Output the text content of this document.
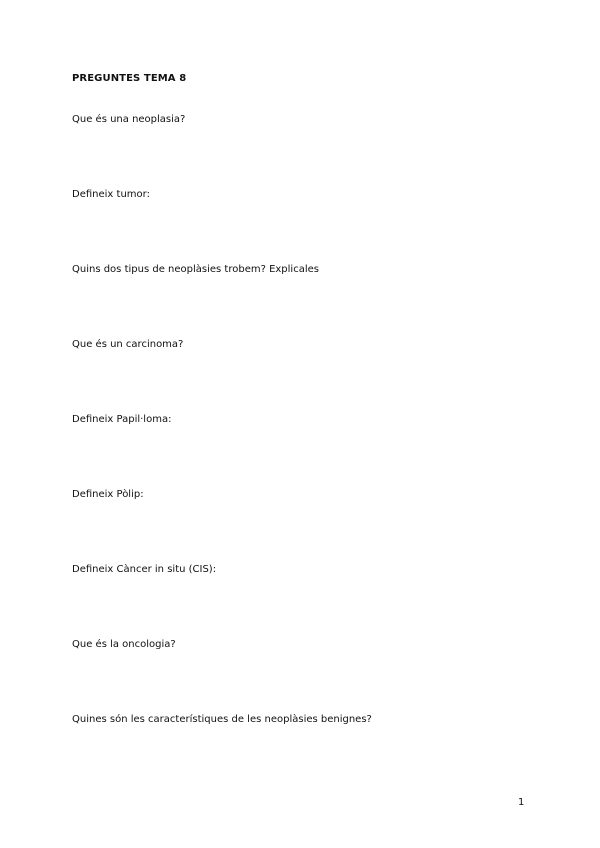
PREGUNTES TEMA 8
Que és una neoplasia?
Defineix tumor:
Quins dos tipus de neoplàsies trobem? Explicales
Que és un carcinoma?
Defineix Papil·loma:
Defineix Pòlip:
Defineix Càncer in situ (CIS):
Que és la oncologia?
Quines són les característiques de les neoplàsies benignes?
1
